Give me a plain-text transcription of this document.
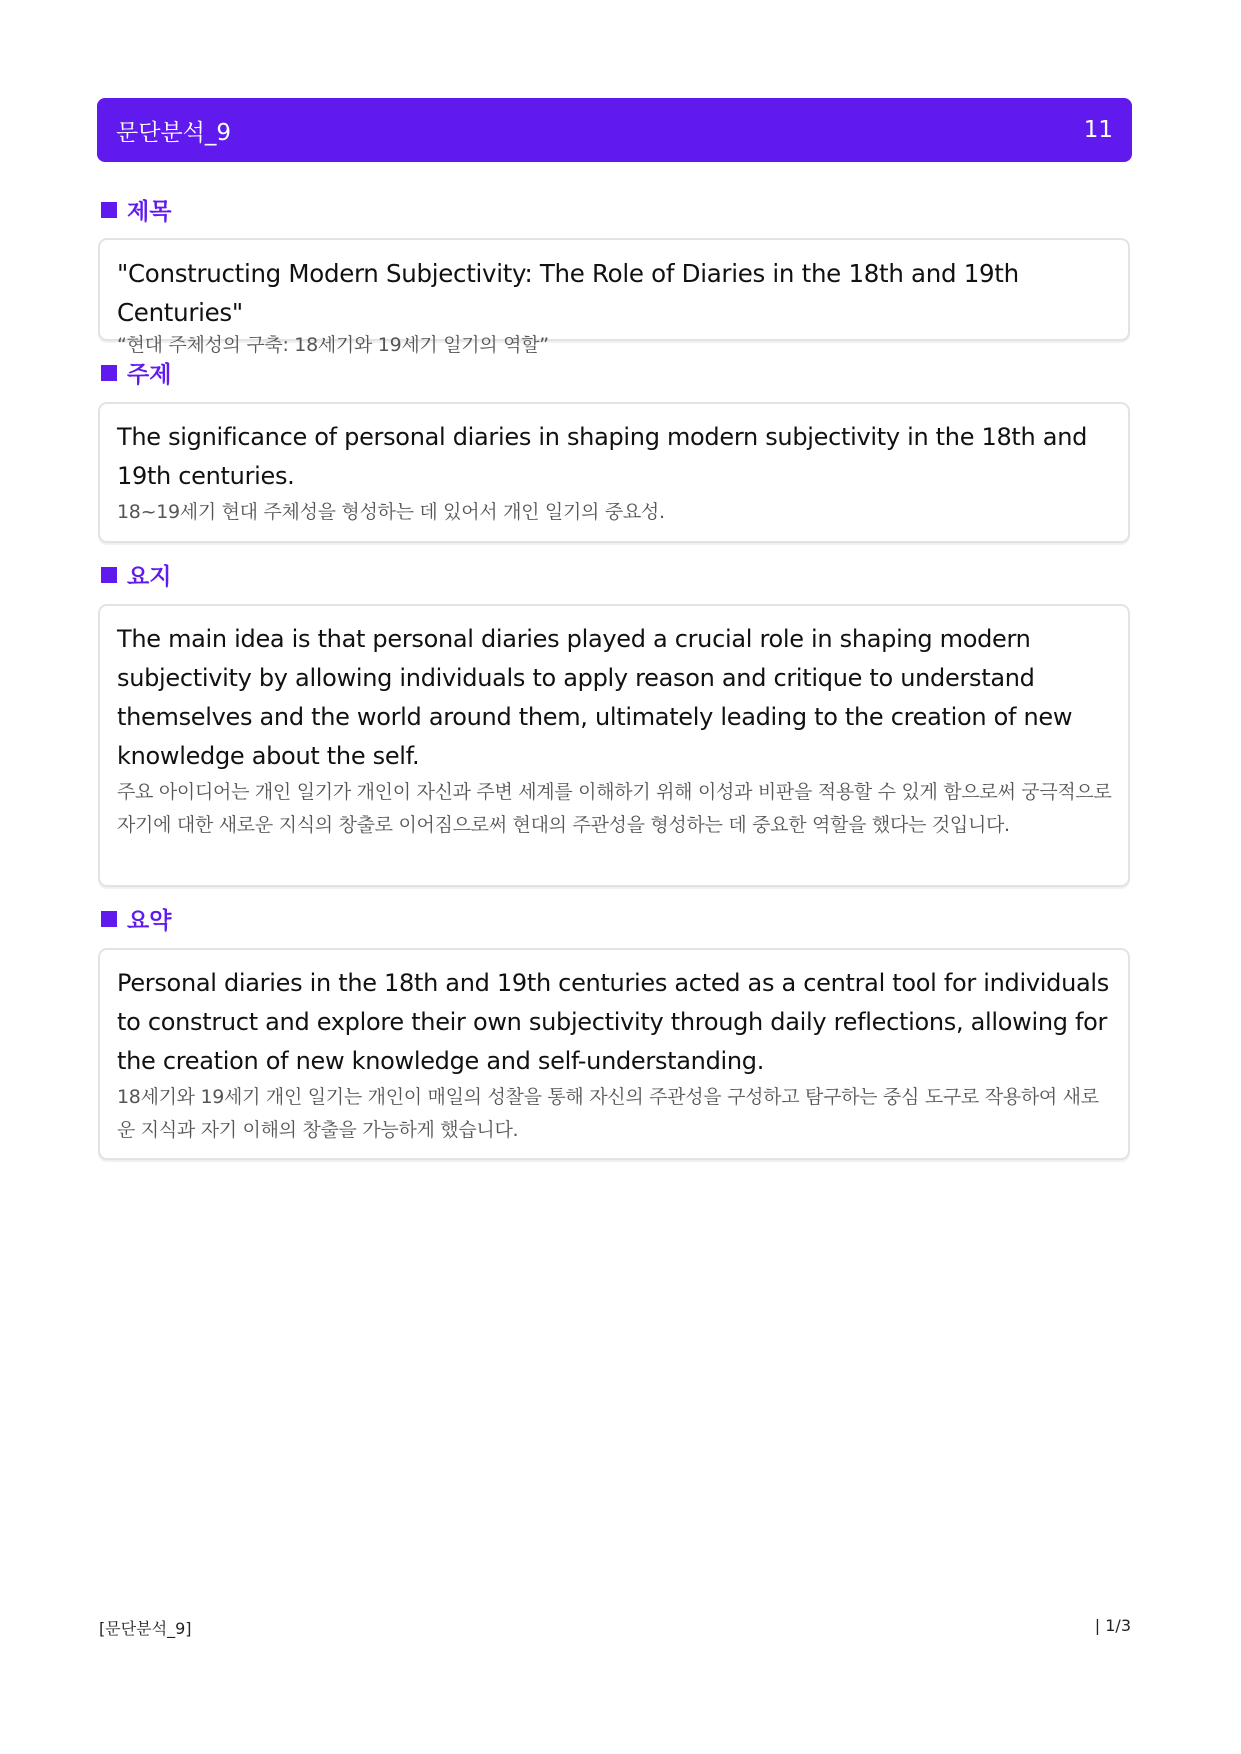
문단분석_9	11
제목
"Constructing Modern Subjectivity: The Role of Diaries in the 18th and 19th Centuries"
“현대 주체성의 구축: 18세기와 19세기 일기의 역할”
주제
The significance of personal diaries in shaping modern subjectivity in the 18th and 19th centuries.
18~19세기 현대 주체성을 형성하는 데 있어서 개인 일기의 중요성.
요지
The main idea is that personal diaries played a crucial role in shaping modern subjectivity by allowing individuals to apply reason and critique to understand themselves and the world around them, ultimately leading to the creation of new knowledge about the self.
주요 아이디어는 개인 일기가 개인이 자신과 주변 세계를 이해하기 위해 이성과 비판을 적용할 수 있게 함으로써 궁극적으로 자기에 대한 새로운 지식의 창출로 이어짐으로써 현대의 주관성을 형성하는 데 중요한 역할을 했다는 것입니다.
요약
Personal diaries in the 18th and 19th centuries acted as a central tool for individuals to construct and explore their own subjectivity through daily reflections, allowing for the creation of new knowledge and self-understanding.
18세기와 19세기 개인 일기는 개인이 매일의 성찰을 통해 자신의 주관성을 구성하고 탐구하는 중심 도구로 작용하여 새로운 지식과 자기 이해의 창출을 가능하게 했습니다.
[문단분석_9]	| 1/3
